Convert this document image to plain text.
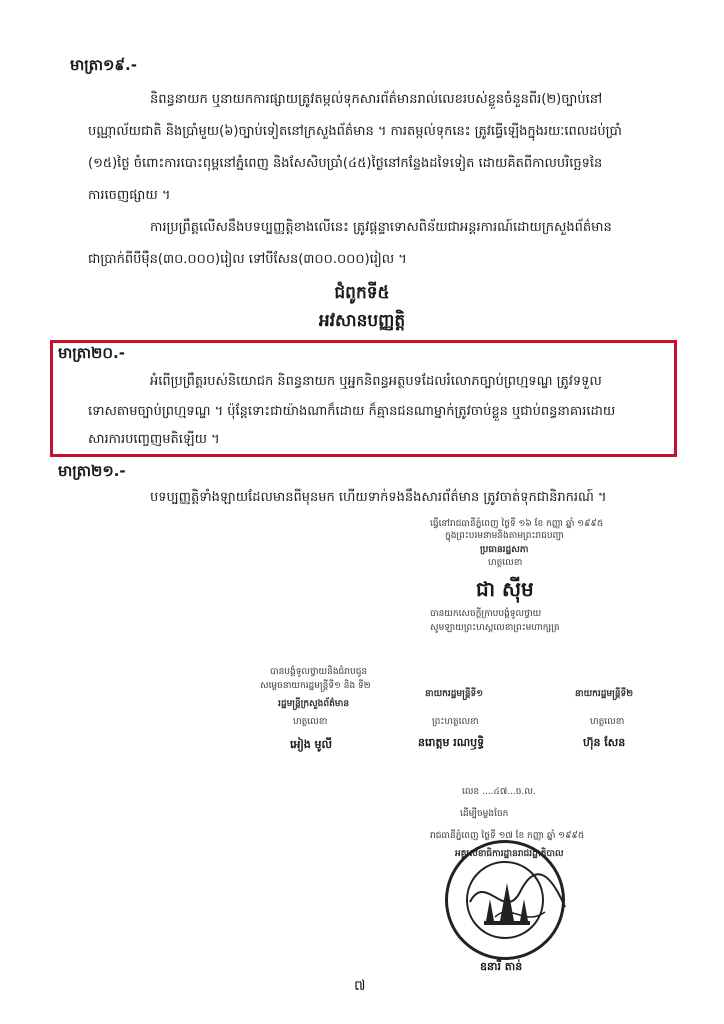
មាត្រា១៩.-
និពន្ធនាយក ឬនាយកការផ្សាយត្រូវតម្កល់ទុកសារព័ត៌មានរាល់លេខរបស់ខ្លួនចំនួនពីរ(២)ច្បាប់នៅ
បណ្ណាល័យជាតិ និងប្រាំមួយ(៦)ច្បាប់ទៀតនៅក្រសួងព័ត៌មាន ។ ការតម្កល់ទុកនេះ ត្រូវធ្វើឡើងក្នុងរយៈពេលដប់ប្រាំ
(១៥)ថ្ងៃ ចំពោះការបោះពុម្ពនៅភ្នំពេញ និងសែសិបប្រាំ(៤៥)ថ្ងៃនៅកន្លែងដទៃទៀត ដោយគិតពីកាលបរិច្ឆេទនៃ
ការចេញផ្សាយ ។
ការប្រព្រឹត្តលើសនឹងបទប្បញ្ញត្តិខាងលើនេះ ត្រូវផ្តន្ទាទោសពិន័យជាអន្តរការណ៍ដោយក្រសួងព័ត៌មាន
ជាប្រាក់ពីបីម៉ឺន(៣០.០០០)រៀល ទៅបីសែន(៣០០.០០០)រៀល ។
ជំពូកទី៥
អវសានបញ្ញត្តិ
មាត្រា២០.-
អំពើប្រព្រឹត្តរបស់និយោជក និពន្ធនាយក ឬអ្នកនិពន្ធអត្ថបទដែលរំលោភច្បាប់ព្រហ្មទណ្ឌ ត្រូវទទួល
ទោសតាមច្បាប់ព្រហ្មទណ្ឌ ។ ប៉ុន្តែទោះជាយ៉ាងណាក៏ដោយ ក៏គ្មានជនណាម្នាក់ត្រូវចាប់ខ្លួន ឬជាប់ពន្ធនាគារដោយ
សារការបញ្ចេញមតិឡើយ ។
មាត្រា២១.-
បទប្បញ្ញត្តិទាំងឡាយដែលមានពីមុនមក ហើយទាក់ទងនឹងសារព័ត៌មាន ត្រូវចាត់ទុកជានិរាករណ៍ ។
ធ្វើនៅរាជធានីភ្នំពេញ ថ្ងៃទី ១៦ ខែ កញ្ញា ឆ្នាំ ១៩៩៥
ក្នុងព្រះបរមនាមនិងតាមព្រះរាជបញ្ជា
ប្រធានរដ្ឋសភា
ហត្ថលេខា
ជា ស៊ីម
បានយកសេចក្តីក្រាបបង្គំទូលថ្វាយ
សូមឡាយព្រះហស្តលេខាព្រះមហាក្សត្រ
បានបង្គំទូលថ្វាយនិងជំរាបជូន
សម្តេចនាយករដ្ឋមន្ត្រីទី១ និង ទី២
រដ្ឋមន្ត្រីក្រសួងព័ត៌មាន
ហត្ថលេខា
អៀង មូលី
នាយករដ្ឋមន្ត្រីទី១
ព្រះហត្ថលេខា
នរោត្តម រណឫទ្ធិ
នាយករដ្ឋមន្ត្រីទី២
ហត្ថលេខា
ហ៊ុន សែន
លេខ ....៤៧...ច.ល.
ដើម្បីចម្លងចែក
រាជធានីភ្នំពេញ ថ្ងៃទី ១៧ ខែ កញ្ញា ឆ្នាំ ១៩៩៥
អគ្គលេខាធិការដ្ឋានរាជរដ្ឋាភិបាល
ឧនារី តាន់
៧
